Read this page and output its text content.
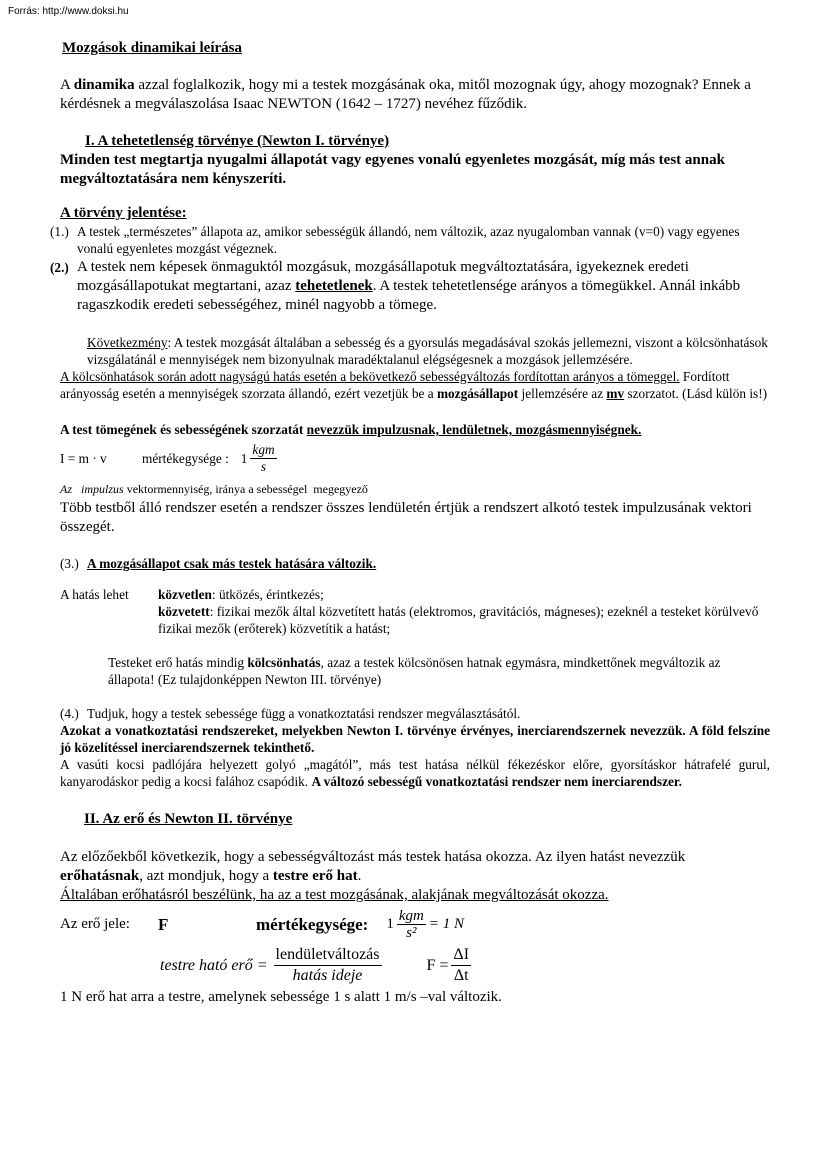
Forrás: http://www.doksi.hu

Mozgások dinamikai leírása

A dinamika azzal foglalkozik, hogy mi a testek mozgásának oka, mitől mozognak úgy, ahogy mozognak? Ennek a kérdésnek a megválaszolása Isaac NEWTON (1642 – 1727) nevéhez fűződik.

I. A tehetetlenség törvénye (Newton I. törvénye)

Minden test megtartja nyugalmi állapotát vagy egyenes vonalú egyenletes mozgását, míg más test annak megváltoztatására nem kényszeríti.

A törvény jelentése:

(1.) A testek „természetes” állapota az, amikor sebességük állandó, nem változik, azaz nyugalomban vannak (v=0) vagy egyenes vonalú egyenletes mozgást végeznek.
(2.) A testek nem képesek önmaguktól mozgásuk, mozgásállapotuk megváltoztatására, igyekeznek eredeti mozgásállapotukat megtartani, azaz tehetetlenek. A testek tehetetlensége arányos a tömegükkel. Annál inkább ragaszkodik eredeti sebességéhez, minél nagyobb a tömege.

Következmény: A testek mozgását általában a sebesség és a gyorsulás megadásával szokás jellemezni, viszont a kölcsönhatások vizsgálatánál e mennyiségek nem bizonyulnak maradéktalanul elégségesnek a mozgások jellemzésére.

A kölcsönhatások során adott nagyságú hatás esetén a bekövetkező sebességváltozás fordítottan arányos a tömeggel. Fordított arányosság esetén a mennyiségek szorzata állandó, ezért vezetjük be a mozgásállapot jellemzésére az mv szorzatot. (Lásd külön is!)

A test tömegének és sebességének szorzatát nevezzük impulzusnak, lendületnek, mozgásmennyiségnek.

I = m · v	mértékegysége : $1 \frac{\text{kgm}}{s}$

Az   impulzus vektormennyiség, iránya a sebességel  megegyező

Több testből álló rendszer esetén a rendszer összes lendületén értjük a rendszert alkotó testek impulzusának vektori összegét.

(3.) A mozgásállapot csak más testek hatására változik.
A hatás lehet	közvetlen: ütközés, érintkezés;

közvetett: fizikai mezők által közvetített hatás (elektromos, gravitációs, mágneses); ezeknél a testeket körülvevő fizikai mezők (erőterek) közvetítik a hatást;

Testeket erő hatás mindig kölcsönhatás, azaz a testek kölcsönösen hatnak egymásra, mindkettőnek megváltozik az állapota! (Ez tulajdonképpen Newton III. törvénye)

(4.) Tudjuk, hogy a testek sebessége függ a vonatkoztatási rendszer megválasztásától.

Azokat a vonatkoztatási rendszereket, melyekben Newton I. törvénye érvényes, inerciarendszernek nevezzük. A föld felszíne jó közelítéssel inerciarendszernek tekinthető.

A vasúti kocsi padlójára helyezett golyó „magától”, más test hatása nélkül fékezéskor előre, gyorsításkor hátrafelé gurul, kanyarodáskor pedig a kocsi falához csapódik. A változó sebességű vonatkoztatási rendszer nem inerciarendszer.

II. Az erő és Newton II. törvénye

Az előzőekből következik, hogy a sebességváltozást más testek hatása okozza. Az ilyen hatást nevezzük erőhatásnak, azt mondjuk, hogy a testre erő hat.

Általában erőhatásról beszélünk, ha az a test mozgásának, alakjának megváltozását okozza.

Az erő jele:	F	mértékegysége: $1 \frac{\text{kgm}}{\text{s²}} = 1$ N
testre ható erő = $\frac{\text{lendületváltozás}}{\text{hatás ideje}}$	$F = \frac{\Delta I}{\Delta t}$

1 N erő hat arra a testre, amelynek sebessége 1 s alatt 1 m/s –val változik.
